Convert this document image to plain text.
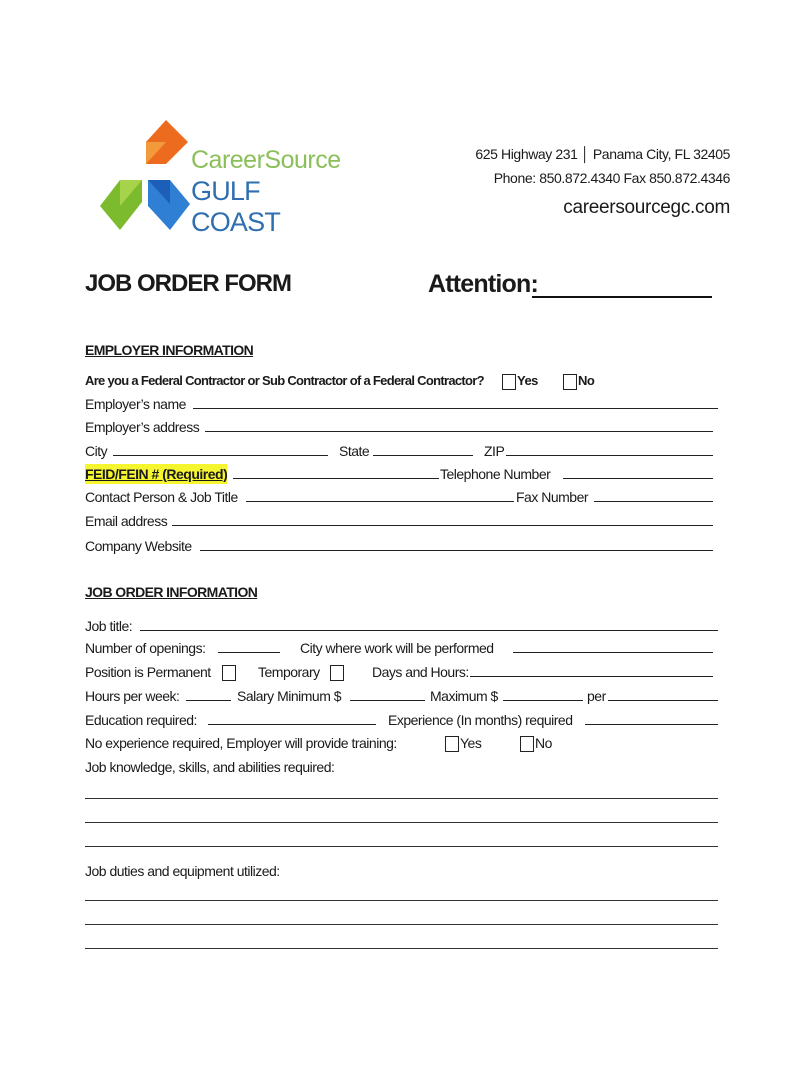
CareerSource
GULF COAST
625 Highway 231 │ Panama City, FL 32405
Phone: 850.872.4340 Fax 850.872.4346
careersourcegc.com
JOB ORDER FORM	Attention:
EMPLOYER INFORMATION
Are you a Federal Contractor or Sub Contractor of a Federal Contractor?	Yes	No
Employer’s name
Employer’s address
City	State	ZIP
FEID/FEIN # (Required)	Telephone Number
Contact Person & Job Title	Fax Number
Email address
Company Website
JOB ORDER INFORMATION
Job title:
Number of openings:	City where work will be performed
Position is Permanent	Temporary	Days and Hours:
Hours per week:	Salary Minimum $	Maximum $	per
Education required:	Experience (In months) required
No experience required, Employer will provide training:	Yes	No
Job knowledge, skills, and abilities required:
Job duties and equipment utilized:
